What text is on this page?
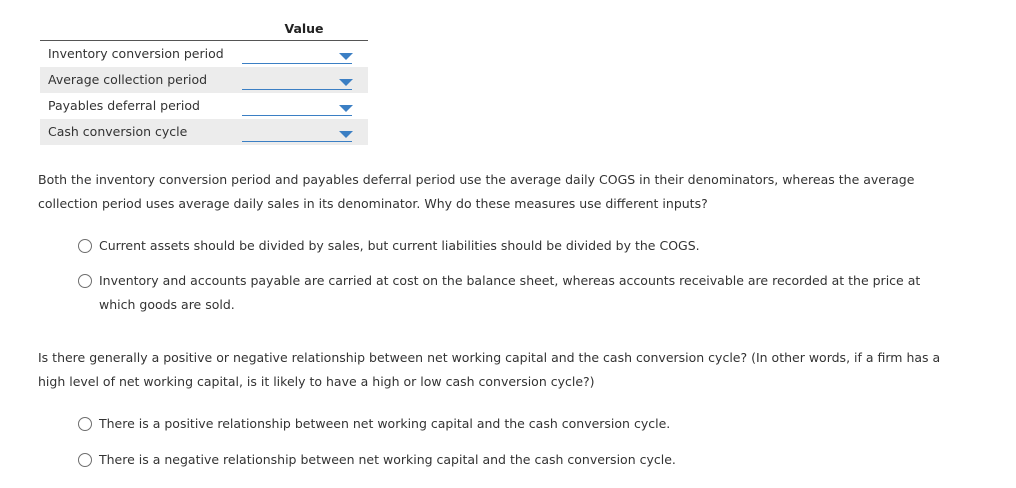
Value
Inventory conversion period
Average collection period
Payables deferral period
Cash conversion cycle
Both the inventory conversion period and payables deferral period use the average daily COGS in their denominators, whereas the average collection period uses average daily sales in its denominator. Why do these measures use different inputs?
Current assets should be divided by sales, but current liabilities should be divided by the COGS.
Inventory and accounts payable are carried at cost on the balance sheet, whereas accounts receivable are recorded at the price at which goods are sold.
Is there generally a positive or negative relationship between net working capital and the cash conversion cycle? (In other words, if a firm has a high level of net working capital, is it likely to have a high or low cash conversion cycle?)
There is a positive relationship between net working capital and the cash conversion cycle.
There is a negative relationship between net working capital and the cash conversion cycle.
